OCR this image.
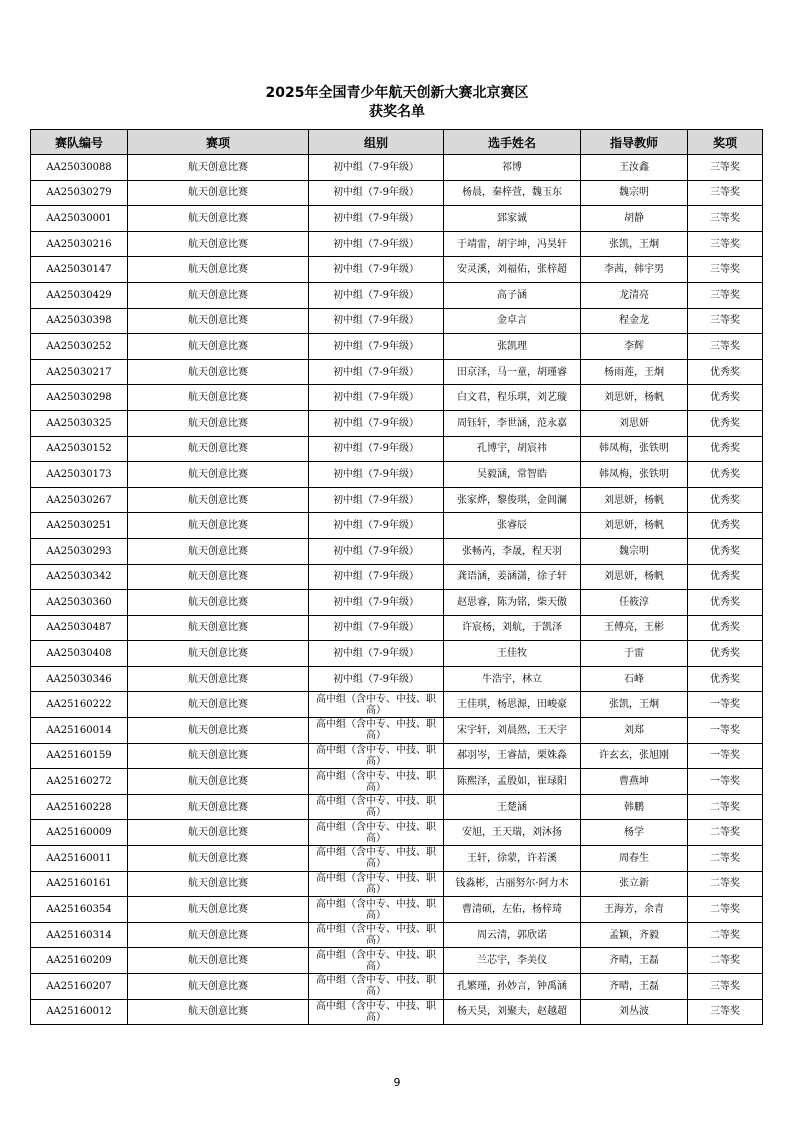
2025年全国青少年航天创新大赛北京赛区
获奖名单
赛队编号	赛项	组别	选手姓名	指导教师	奖项
AA25030088	航天创意比赛	初中组（7-9年级）	祁博	王汝鑫	三等奖
AA25030279	航天创意比赛	初中组（7-9年级）	杨晨，秦梓萱，魏玉东	魏宗明	三等奖
AA25030001	航天创意比赛	初中组（7-9年级）	郅家诚	胡静	三等奖
AA25030216	航天创意比赛	初中组（7-9年级）	于靖雷，胡宇坤，冯昊轩	张凯，王炯	三等奖
AA25030147	航天创意比赛	初中组（7-9年级）	安灵溪，刘福佑，张梓超	李茜，韩宇男	三等奖
AA25030429	航天创意比赛	初中组（7-9年级）	高子涵	龙清亮	三等奖
AA25030398	航天创意比赛	初中组（7-9年级）	金卓言	程金龙	三等奖
AA25030252	航天创意比赛	初中组（7-9年级）	张凯理	李辉	三等奖
AA25030217	航天创意比赛	初中组（7-9年级）	田京泽，马一童，胡瑾睿	杨雨莲，王炯	优秀奖
AA25030298	航天创意比赛	初中组（7-9年级）	白文君，程乐琪，刘艺璇	刘思妍，杨帆	优秀奖
AA25030325	航天创意比赛	初中组（7-9年级）	周钰轩，李世涵，范永嘉	刘思妍	优秀奖
AA25030152	航天创意比赛	初中组（7-9年级）	孔博宇，胡宸祎	韩凤梅，张铁明	优秀奖
AA25030173	航天创意比赛	初中组（7-9年级）	吴毅涵，常智皓	韩凤梅，张铁明	优秀奖
AA25030267	航天创意比赛	初中组（7-9年级）	张家烨，黎俊琪，金闾澜	刘思妍，杨帆	优秀奖
AA25030251	航天创意比赛	初中组（7-9年级）	张睿辰	刘思妍，杨帆	优秀奖
AA25030293	航天创意比赛	初中组（7-9年级）	张畅芮，李晟，程天羽	魏宗明	优秀奖
AA25030342	航天创意比赛	初中组（7-9年级）	龚语涵，姜涵潇，徐子轩	刘思妍，杨帆	优秀奖
AA25030360	航天创意比赛	初中组（7-9年级）	赵思睿，陈为铭，柴天傲	任筱淳	优秀奖
AA25030487	航天创意比赛	初中组（7-9年级）	许宸杨，刘航，于凯泽	王傅亮，王彬	优秀奖
AA25030408	航天创意比赛	初中组（7-9年级）	王佳牧	于雷	优秀奖
AA25030346	航天创意比赛	初中组（7-9年级）	牛浩宇，林立	石峰	优秀奖
AA25160222	航天创意比赛	高中组（含中专、中技、职高）	王佳琪，杨思源，田峻豪	张凯，王炯	一等奖
AA25160014	航天创意比赛	高中组（含中专、中技、职高）	宋宇轩，刘晨然，王天宇	刘郑	一等奖
AA25160159	航天创意比赛	高中组（含中专、中技、职高）	郝羽岑，王睿喆，栗姝淼	许玄玄，张旭刚	一等奖
AA25160272	航天创意比赛	高中组（含中专、中技、职高）	陈熙泽，孟殷如，崔琭阳	曹燕坤	一等奖
AA25160228	航天创意比赛	高中组（含中专、中技、职高）	王楚涵	韩鹏	二等奖
AA25160009	航天创意比赛	高中组（含中专、中技、职高）	安旭，王天瑞，刘沐扬	杨学	二等奖
AA25160011	航天创意比赛	高中组（含中专、中技、职高）	王轩，徐蒙，许若溪	周春生	二等奖
AA25160161	航天创意比赛	高中组（含中专、中技、职高）	钱淼彬，古丽努尔·阿力木	张立新	二等奖
AA25160354	航天创意比赛	高中组（含中专、中技、职高）	曹清硕，左佑，杨梓琦	王海芳，余青	二等奖
AA25160314	航天创意比赛	高中组（含中专、中技、职高）	周云清，郭欣诺	孟颖，齐毅	二等奖
AA25160209	航天创意比赛	高中组（含中专、中技、职高）	兰芯宇，李美仪	齐晴，王磊	二等奖
AA25160207	航天创意比赛	高中组（含中专、中技、职高）	孔繁瑾，孙妙言，钟禹涵	齐晴，王磊	三等奖
AA25160012	航天创意比赛	高中组（含中专、中技、职高）	杨天昊，刘聚夫，赵越超	刘丛波	三等奖
9
